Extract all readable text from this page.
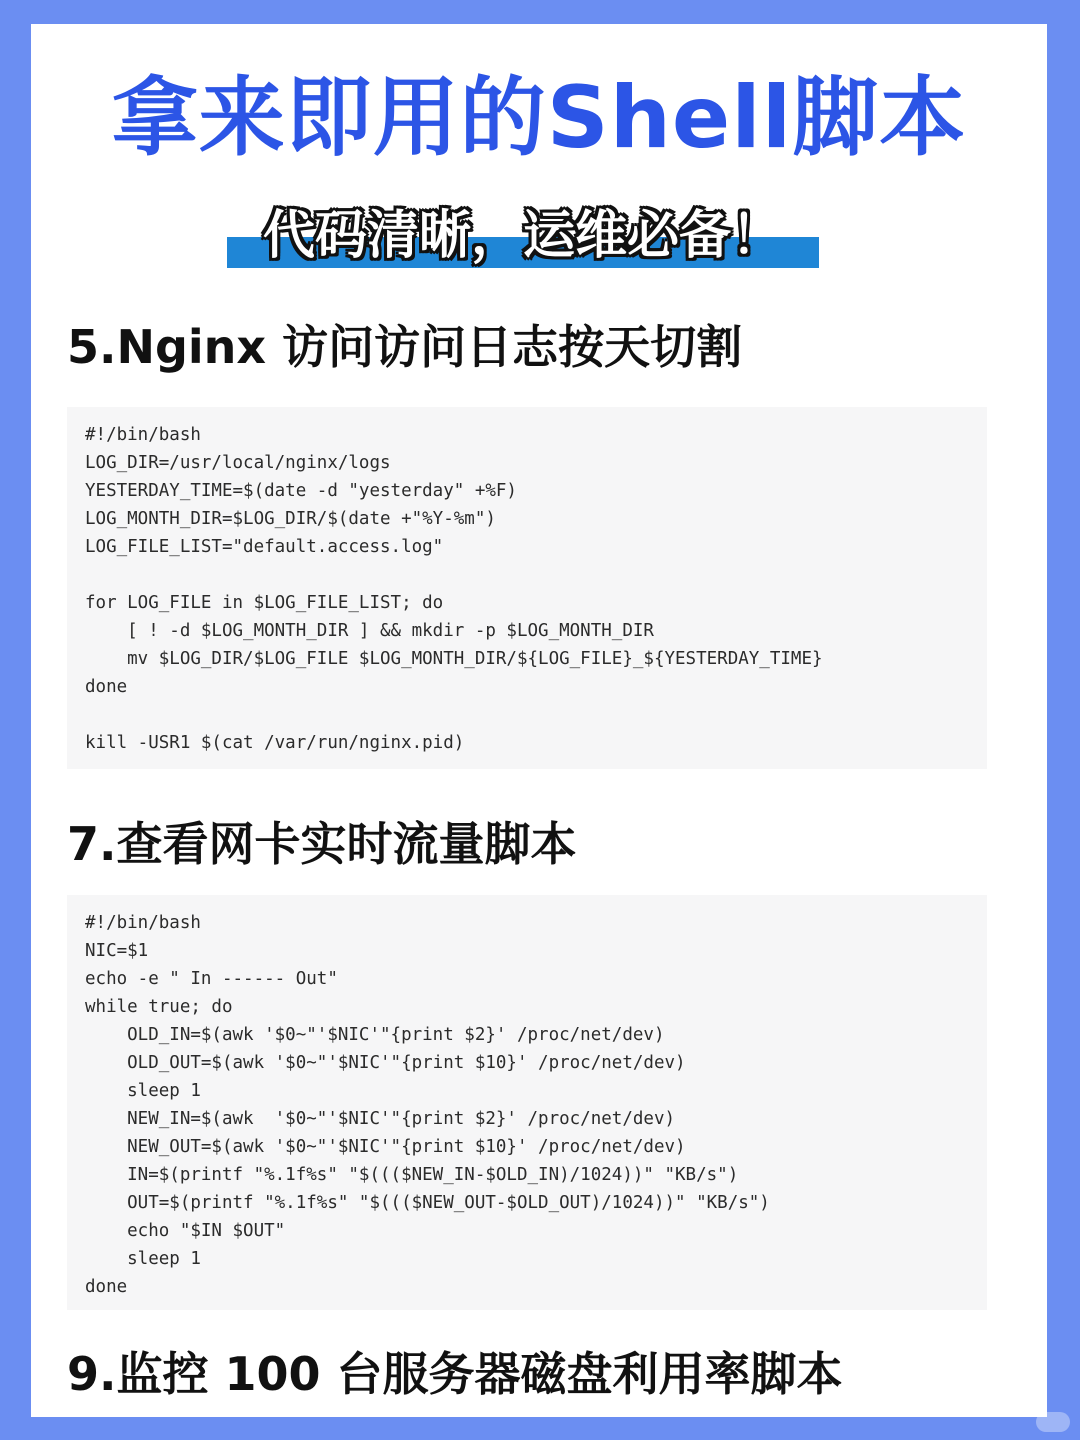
拿来即用的Shell脚本
代码清晰，运维必备！
5.Nginx 访问访问日志按天切割
#!/bin/bash
LOG_DIR=/usr/local/nginx/logs
YESTERDAY_TIME=$(date -d "yesterday" +%F)
LOG_MONTH_DIR=$LOG_DIR/$(date +"%Y-%m")
LOG_FILE_LIST="default.access.log"
for LOG_FILE in $LOG_FILE_LIST; do
[ ! -d $LOG_MONTH_DIR ] && mkdir -p $LOG_MONTH_DIR
mv $LOG_DIR/$LOG_FILE $LOG_MONTH_DIR/${LOG_FILE}_${YESTERDAY_TIME}
done
kill -USR1 $(cat /var/run/nginx.pid)
7.查看网卡实时流量脚本
#!/bin/bash
NIC=$1
echo -e " In ------ Out"
while true; do
OLD_IN=$(awk '$0~"'$NIC'"{print $2}' /proc/net/dev)
OLD_OUT=$(awk '$0~"'$NIC'"{print $10}' /proc/net/dev)
sleep 1
NEW_IN=$(awk  '$0~"'$NIC'"{print $2}' /proc/net/dev)
NEW_OUT=$(awk '$0~"'$NIC'"{print $10}' /proc/net/dev)
IN=$(printf "%.1f%s" "$((($NEW_IN-$OLD_IN)/1024))" "KB/s")
OUT=$(printf "%.1f%s" "$((($NEW_OUT-$OLD_OUT)/1024))" "KB/s")
echo "$IN $OUT"
sleep 1
done
9.监控 100 台服务器磁盘利用率脚本
